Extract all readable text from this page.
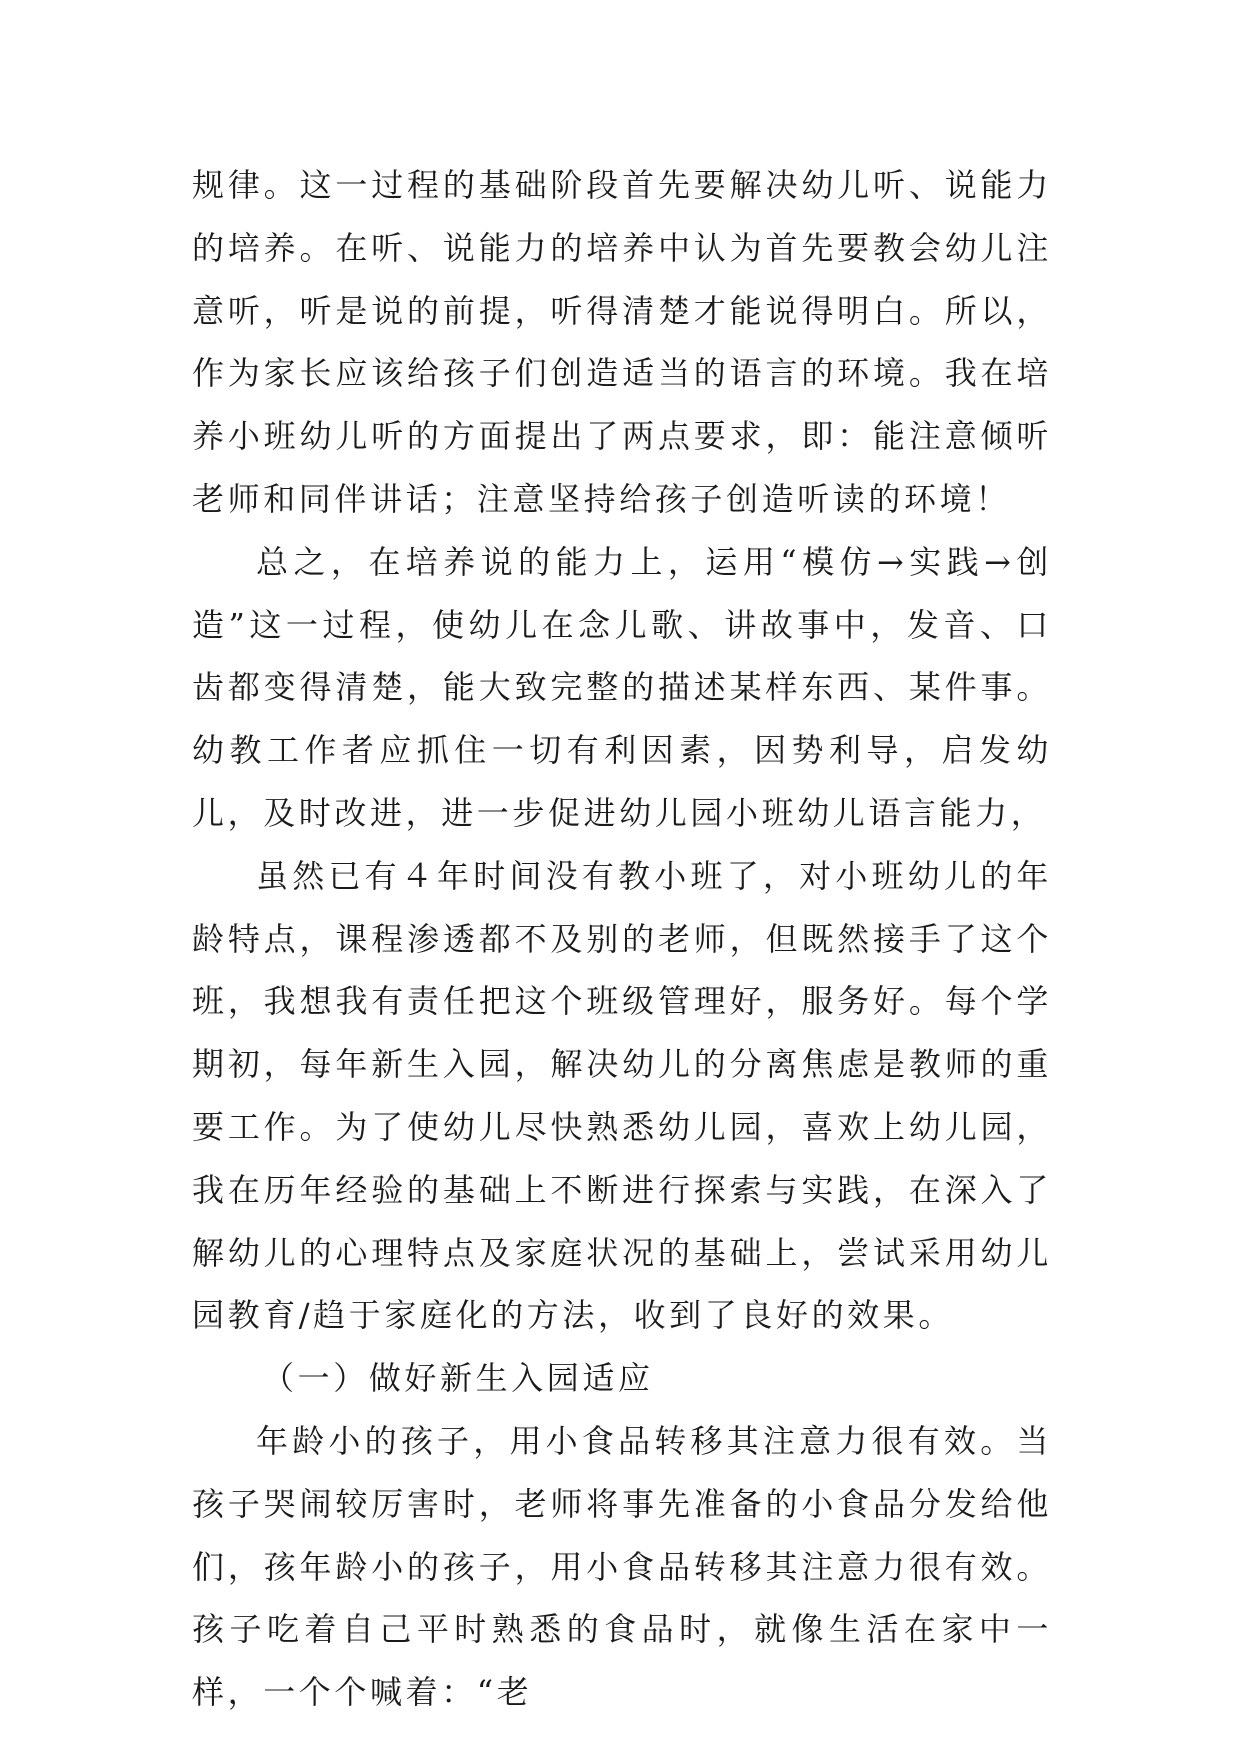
规律。这一过程的基础阶段首先要解决幼儿听、说能力的培养。在听、说能力的培养中认为首先要教会幼儿注意听，听是说的前提，听得清楚才能说得明白。所以，作为家长应该给孩子们创造适当的语言的环境。我在培养小班幼儿听的方面提出了两点要求，即：能注意倾听老师和同伴讲话；注意坚持给孩子创造听读的环境！

总之，在培养说的能力上，运用“模仿→实践→创造”这一过程，使幼儿在念儿歌、讲故事中，发音、口齿都变得清楚，能大致完整的描述某样东西、某件事。幼教工作者应抓住一切有利因素，因势利导，启发幼儿，及时改进，进一步促进幼儿园小班幼儿语言能力，

虽然已有４年时间没有教小班了，对小班幼儿的年龄特点，课程渗透都不及别的老师，但既然接手了这个班，我想我有责任把这个班级管理好，服务好。每个学期初，每年新生入园，解决幼儿的分离焦虑是教师的重要工作。为了使幼儿尽快熟悉幼儿园，喜欢上幼儿园，我在历年经验的基础上不断进行探索与实践，在深入了解幼儿的心理特点及家庭状况的基础上，尝试采用幼儿园教育/趋于家庭化的方法，收到了良好的效果。

（一）做好新生入园适应

年龄小的孩子，用小食品转移其注意力很有效。当孩子哭闹较厉害时，老师将事先准备的小食品分发给他们，孩年龄小的孩子，用小食品转移其注意力很有效。孩子吃着自己平时熟悉的食品时，就像生活在家中一样，一个个喊着：“老
